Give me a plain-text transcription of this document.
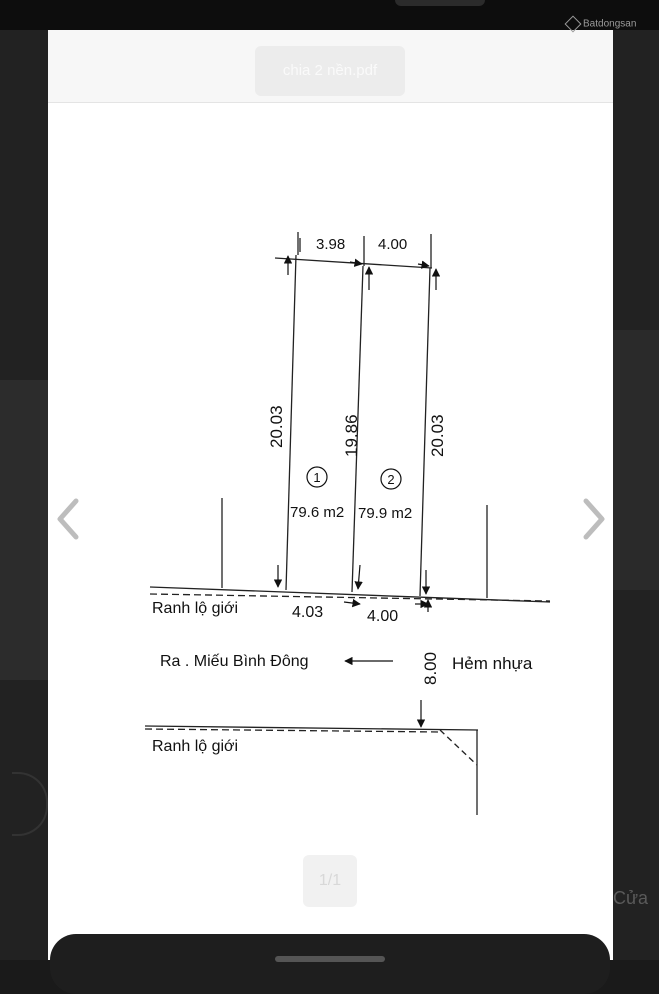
chia 2 nền.pdf
Batdongsan
3.98 4.00
20.03	19.86	20.03
1	2
79.6 m2 79.9 m2
Ranh lộ giới	4.03	4.00
Ra . Miếu Bình Đông	8.00 Hẻm nhựa
Ranh lộ giới
1/1
Cửa
